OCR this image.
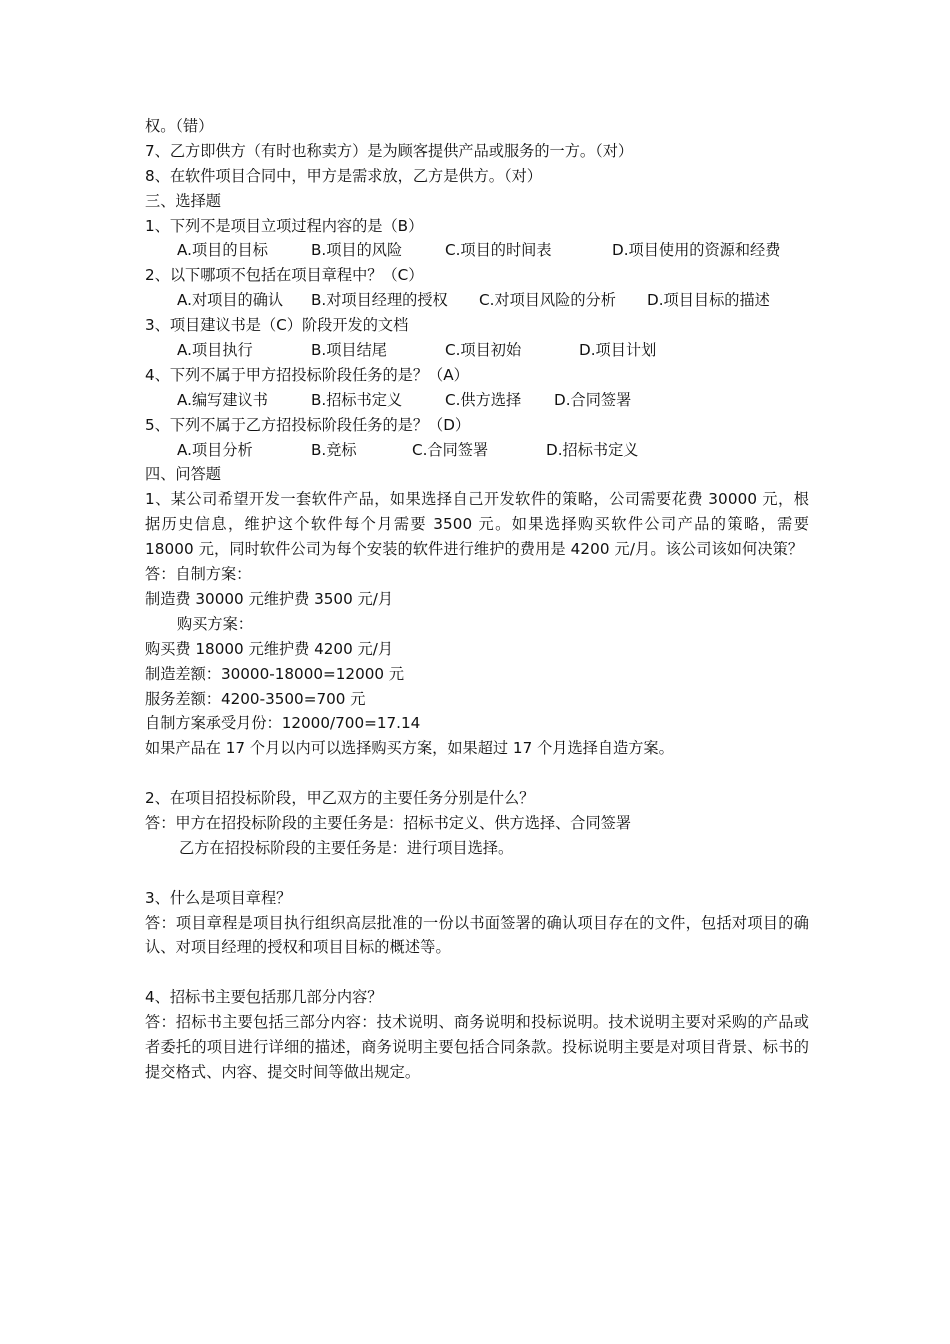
权。（错）
7、乙方即供方（有时也称卖方）是为顾客提供产品或服务的一方。（对）
8、在软件项目合同中，甲方是需求放，乙方是供方。（对）
三、选择题
1、下列不是项目立项过程内容的是（B）
A.项目的目标	B.项目的风险	C.项目的时间表	D.项目使用的资源和经费
2、以下哪项不包括在项目章程中？（C）
A.对项目的确认 B.对项目经理的授权 C.对项目风险的分析 D.项目目标的描述
3、项目建议书是（C）阶段开发的文档
A.项目执行	B.项目结尾	C.项目初始	D.项目计划
4、下列不属于甲方招投标阶段任务的是？（A）
A.编写建议书	B.招标书定义	C.供方选择 D.合同签署
5、下列不属于乙方招投标阶段任务的是？（D）
A.项目分析	B.竞标	C.合同签署	D.招标书定义
四、问答题
1、某公司希望开发一套软件产品，如果选择自己开发软件的策略，公司需要花费 30000 元，根据历史信息，维护这个软件每个月需要 3500 元。如果选择购买软件公司产品的策略，需要 18000 元，同时软件公司为每个安装的软件进行维护的费用是 4200 元/月。该公司该如何决策？
答：自制方案：
制造费 30000 元维护费 3500 元/月
购买方案：
购买费 18000 元维护费 4200 元/月
制造差额：30000-18000=12000 元
服务差额：4200-3500=700 元
自制方案承受月份：12000/700=17.14
如果产品在 17 个月以内可以选择购买方案，如果超过 17 个月选择自造方案。
2、在项目招投标阶段，甲乙双方的主要任务分别是什么？
答：甲方在招投标阶段的主要任务是：招标书定义、供方选择、合同签署
乙方在招投标阶段的主要任务是：进行项目选择。
3、什么是项目章程？
答：项目章程是项目执行组织高层批准的一份以书面签署的确认项目存在的文件，包括对项目的确认、对项目经理的授权和项目目标的概述等。
4、招标书主要包括那几部分内容？
答：招标书主要包括三部分内容：技术说明、商务说明和投标说明。技术说明主要对采购的产品或者委托的项目进行详细的描述，商务说明主要包括合同条款。投标说明主要是对项目背景、标书的提交格式、内容、提交时间等做出规定。
